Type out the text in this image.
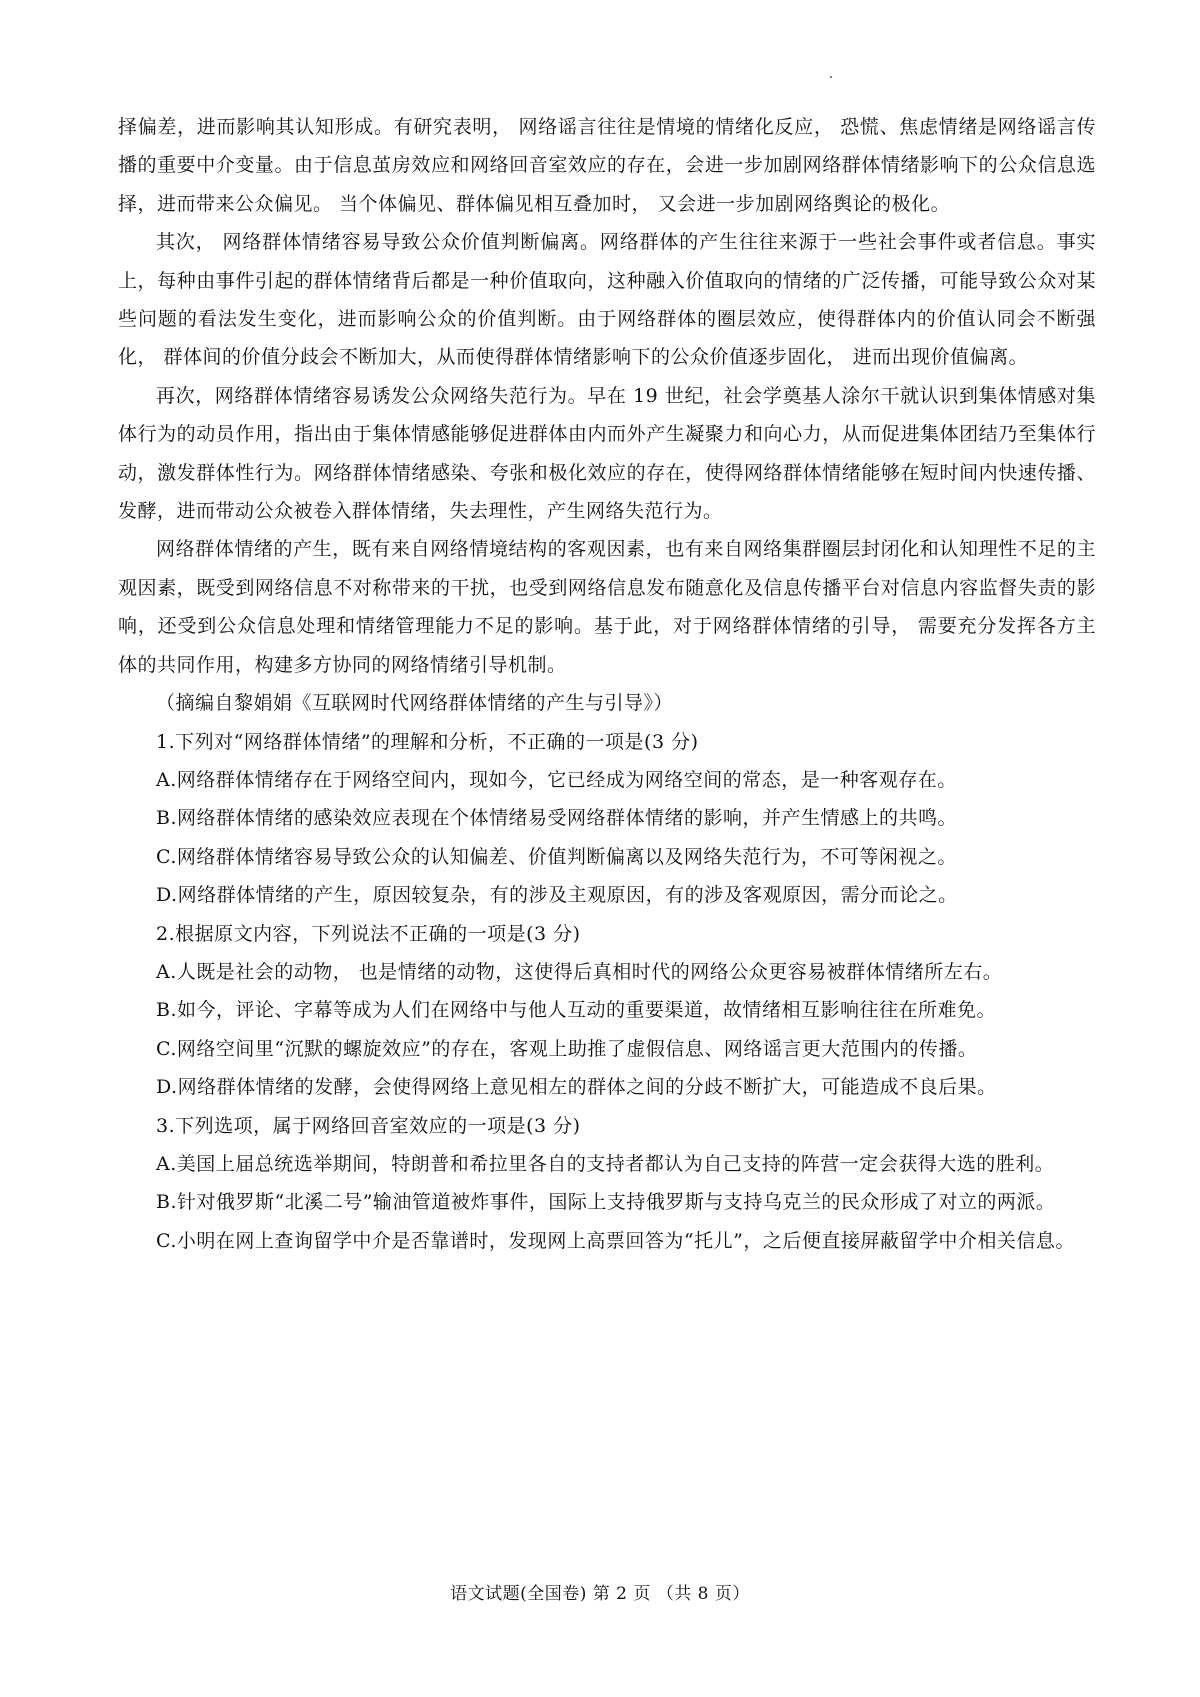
择偏差，进而影响其认知形成。有研究表明， 网络谣言往往是情境的情绪化反应， 恐慌、焦虑情绪是网络谣言传播的重要中介变量。由于信息茧房效应和网络回音室效应的存在，会进一步加剧网络群体情绪影响下的公众信息选择，进而带来公众偏见。 当个体偏见、群体偏见相互叠加时， 又会进一步加剧网络舆论的极化。

其次， 网络群体情绪容易导致公众价值判断偏离。网络群体的产生往往来源于一些社会事件或者信息。事实上，每种由事件引起的群体情绪背后都是一种价值取向，这种融入价值取向的情绪的广泛传播，可能导致公众对某些问题的看法发生变化，进而影响公众的价值判断。由于网络群体的圈层效应，使得群体内的价值认同会不断强化， 群体间的价值分歧会不断加大，从而使得群体情绪影响下的公众价值逐步固化， 进而出现价值偏离。

再次，网络群体情绪容易诱发公众网络失范行为。早在 19 世纪，社会学奠基人涂尔干就认识到集体情感对集体行为的动员作用，指出由于集体情感能够促进群体由内而外产生凝聚力和向心力，从而促进集体团结乃至集体行动，激发群体性行为。网络群体情绪感染、夸张和极化效应的存在，使得网络群体情绪能够在短时间内快速传播、发酵，进而带动公众被卷入群体情绪，失去理性，产生网络失范行为。

网络群体情绪的产生，既有来自网络情境结构的客观因素，也有来自网络集群圈层封闭化和认知理性不足的主观因素，既受到网络信息不对称带来的干扰，也受到网络信息发布随意化及信息传播平台对信息内容监督失责的影响，还受到公众信息处理和情绪管理能力不足的影响。基于此，对于网络群体情绪的引导， 需要充分发挥各方主体的共同作用，构建多方协同的网络情绪引导机制。

（摘编自黎娟娟《互联网时代网络群体情绪的产生与引导》）

1.下列对“网络群体情绪”的理解和分析，不正确的一项是(3 分)

A.网络群体情绪存在于网络空间内，现如今，它已经成为网络空间的常态，是一种客观存在。

B.网络群体情绪的感染效应表现在个体情绪易受网络群体情绪的影响，并产生情感上的共鸣。

C.网络群体情绪容易导致公众的认知偏差、价值判断偏离以及网络失范行为，不可等闲视之。

D.网络群体情绪的产生，原因较复杂，有的涉及主观原因，有的涉及客观原因，需分而论之。

2.根据原文内容，下列说法不正确的一项是(3 分)

A.人既是社会的动物， 也是情绪的动物，这使得后真相时代的网络公众更容易被群体情绪所左右。

B.如今，评论、字幕等成为人们在网络中与他人互动的重要渠道，故情绪相互影响往往在所难免。

C.网络空间里“沉默的螺旋效应”的存在，客观上助推了虚假信息、网络谣言更大范围内的传播。

D.网络群体情绪的发酵，会使得网络上意见相左的群体之间的分歧不断扩大，可能造成不良后果。

3.下列选项，属于网络回音室效应的一项是(3 分)

A.美国上届总统选举期间，特朗普和希拉里各自的支持者都认为自己支持的阵营一定会获得大选的胜利。

B.针对俄罗斯“北溪二号”输油管道被炸事件，国际上支持俄罗斯与支持乌克兰的民众形成了对立的两派。

C.小明在网上查询留学中介是否靠谱时，发现网上高票回答为“托儿”，之后便直接屏蔽留学中介相关信息。

语文试题(全国卷) 第 2 页 （共 8 页）
